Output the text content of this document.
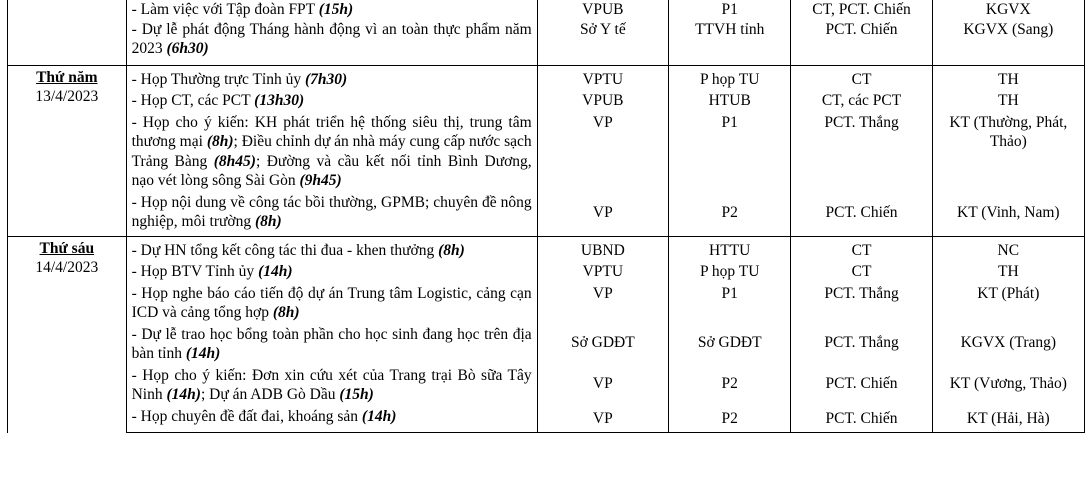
	- Làm việc với Tập đoàn FPT (15h)	VPUB	P1	CT, PCT. Chiến	KGVX
	- Dự lễ phát động Tháng hành động vì an toàn thực phẩm năm 2023 (6h30)	Sở Y tế	TTVH tỉnh	PCT. Chiến	KGVX (Sang)

Thứ năm
13/4/2023	- Họp Thường trực Tỉnh ủy (7h30)	VPTU	P họp TU	CT	TH
	- Họp CT, các PCT (13h30)	VPUB	HTUB	CT, các PCT	TH
	- Họp cho ý kiến: KH phát triển hệ thống siêu thị, trung tâm thương mại (8h); Điều chỉnh dự án nhà máy cung cấp nước sạch Trảng Bàng (8h45); Đường và cầu kết nối tỉnh Bình Dương, nạo vét lòng sông Sài Gòn (9h45)	VP	P1	PCT. Thắng	KT (Thường, Phát, Thảo)
	- Họp nội dung về công tác bồi thường, GPMB; chuyên đề nông nghiệp, môi trường (8h)	VP	P2	PCT. Chiến	KT (Vinh, Nam)

Thứ sáu
14/4/2023	- Dự HN tổng kết công tác thi đua - khen thưởng (8h)	UBND	HTTU	CT	NC
	- Họp BTV Tỉnh ủy (14h)	VPTU	P họp TU	CT	TH
	- Họp nghe báo cáo tiến độ dự án Trung tâm Logistic, cảng cạn ICD và cảng tổng hợp (8h)	VP	P1	PCT. Thắng	KT (Phát)
	- Dự lễ trao học bổng toàn phần cho học sinh đang học trên địa bàn tỉnh (14h)	Sở GDĐT	Sở GDĐT	PCT. Thắng	KGVX (Trang)
	- Họp cho ý kiến: Đơn xin cứu xét của Trang trại Bò sữa Tây Ninh (14h); Dự án ADB Gò Dầu (15h)	VP	P2	PCT. Chiến	KT (Vương, Thảo)
	- Họp chuyên đề đất đai, khoáng sản (14h)	VP	P2	PCT. Chiến	KT (Hải, Hà)
